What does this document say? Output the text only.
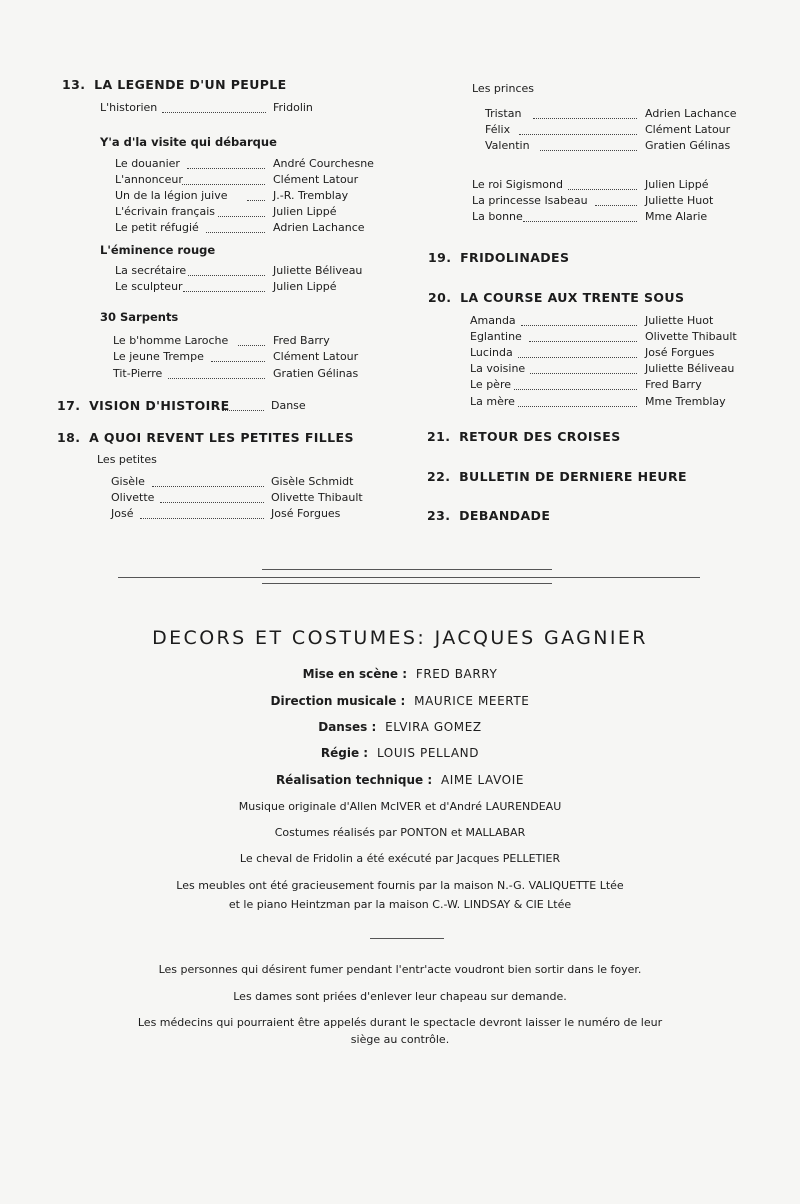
13. LA LEGENDE D'UN PEUPLE
L'historien	Fridolin
Y'a d'la visite qui débarque
Le douanier	André Courchesne
L'annonceur	Clément Latour
Un de la légion juive	J.-R. Tremblay
L'écrivain français	Julien Lippé
Le petit réfugié	Adrien Lachance
L'éminence rouge
La secrétaire	Juliette Béliveau
Le sculpteur	Julien Lippé
30 Sarpents
Le b'homme Laroche	Fred Barry
Le jeune Trempe	Clément Latour
Tit-Pierre	Gratien Gélinas
17. VISION D'HISTOIRE	Danse
18. A QUOI REVENT LES PETITES FILLES
Les petites
Gisèle	Gisèle Schmidt
Olivette	Olivette Thibault
José	José Forgues
Les princes
Tristan	Adrien Lachance
Félix	Clément Latour
Valentin	Gratien Gélinas
Le roi Sigismond	Julien Lippé
La princesse Isabeau	Juliette Huot
La bonne	Mme Alarie
19. FRIDOLINADES
20. LA COURSE AUX TRENTE SOUS
Amanda	Juliette Huot
Eglantine	Olivette Thibault
Lucinda	José Forgues
La voisine	Juliette Béliveau
Le père	Fred Barry
La mère	Mme Tremblay
21. RETOUR DES CROISES
22. BULLETIN DE DERNIERE HEURE
23. DEBANDADE
DECORS ET COSTUMES: JACQUES GAGNIER
Mise en scène : FRED BARRY
Direction musicale : MAURICE MEERTE
Danses : ELVIRA GOMEZ
Régie : LOUIS PELLAND
Réalisation technique : AIME LAVOIE
Musique originale d'Allen McIVER et d'André LAURENDEAU
Costumes réalisés par PONTON et MALLABAR
Le cheval de Fridolin a été exécuté par Jacques PELLETIER
Les meubles ont été gracieusement fournis par la maison N.-G. VALIQUETTE Ltée
et le piano Heintzman par la maison C.-W. LINDSAY & CIE Ltée
Les personnes qui désirent fumer pendant l'entr'acte voudront bien sortir dans le foyer.
Les dames sont priées d'enlever leur chapeau sur demande.
Les médecins qui pourraient être appelés durant le spectacle devront laisser le numéro de leur
siège au contrôle.
